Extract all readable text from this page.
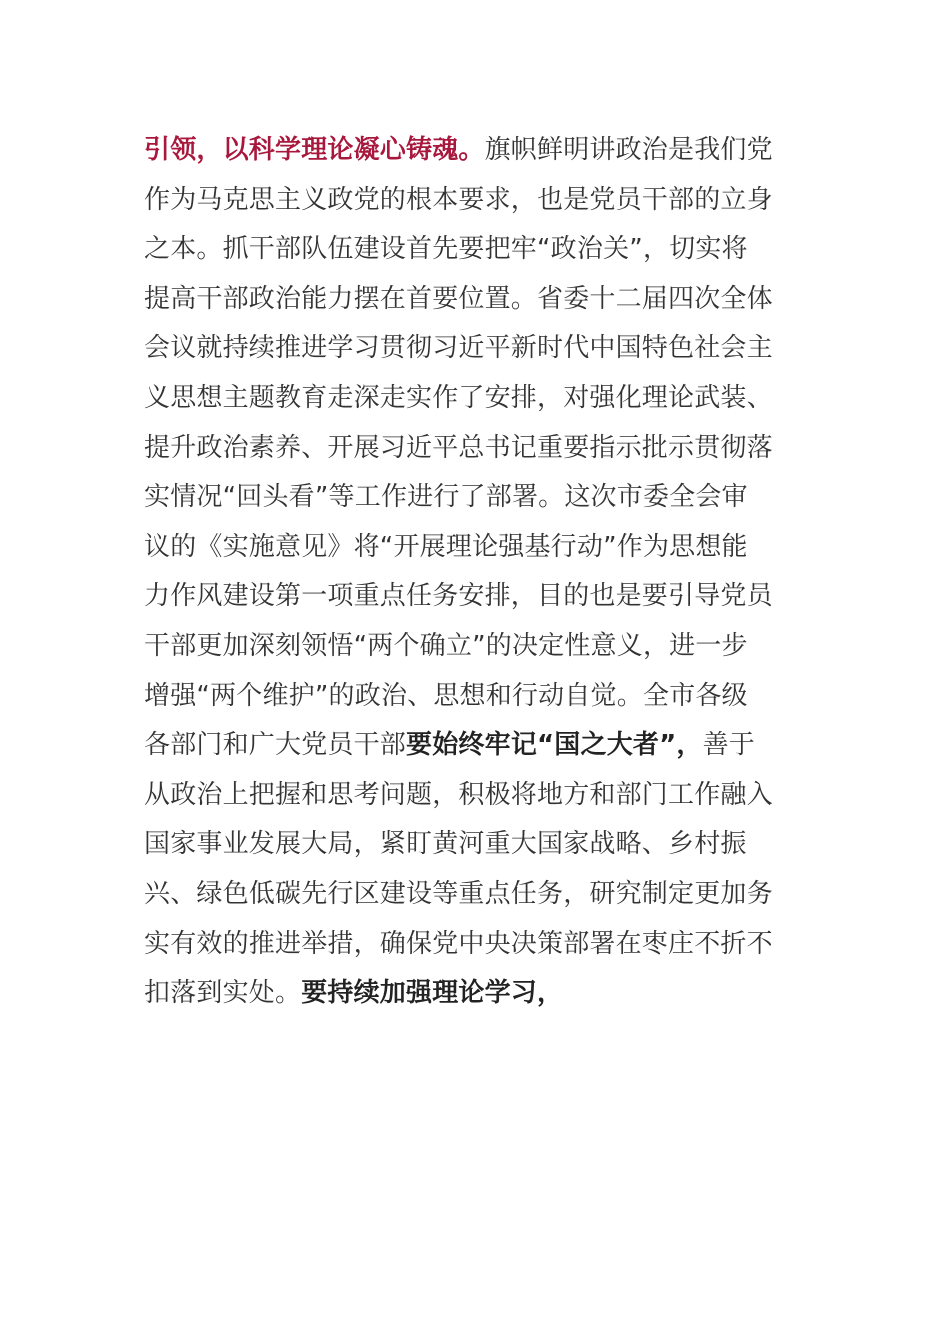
引领，以科学理论凝心铸魂。旗帜鲜明讲政治是我们党
作为马克思主义政党的根本要求，也是党员干部的立身
之本。抓干部队伍建设首先要把牢“政治关”，切实将
提高干部政治能力摆在首要位置。省委十二届四次全体
会议就持续推进学习贯彻习近平新时代中国特色社会主
义思想主题教育走深走实作了安排，对强化理论武装、
提升政治素养、开展习近平总书记重要指示批示贯彻落
实情况“回头看”等工作进行了部署。这次市委全会审
议的《实施意见》将“开展理论强基行动”作为思想能
力作风建设第一项重点任务安排，目的也是要引导党员
干部更加深刻领悟“两个确立”的决定性意义，进一步
增强“两个维护”的政治、思想和行动自觉。全市各级
各部门和广大党员干部要始终牢记“国之大者”，善于
从政治上把握和思考问题，积极将地方和部门工作融入
国家事业发展大局，紧盯黄河重大国家战略、乡村振
兴、绿色低碳先行区建设等重点任务，研究制定更加务
实有效的推进举措，确保党中央决策部署在枣庄不折不
扣落到实处。要持续加强理论学习，
